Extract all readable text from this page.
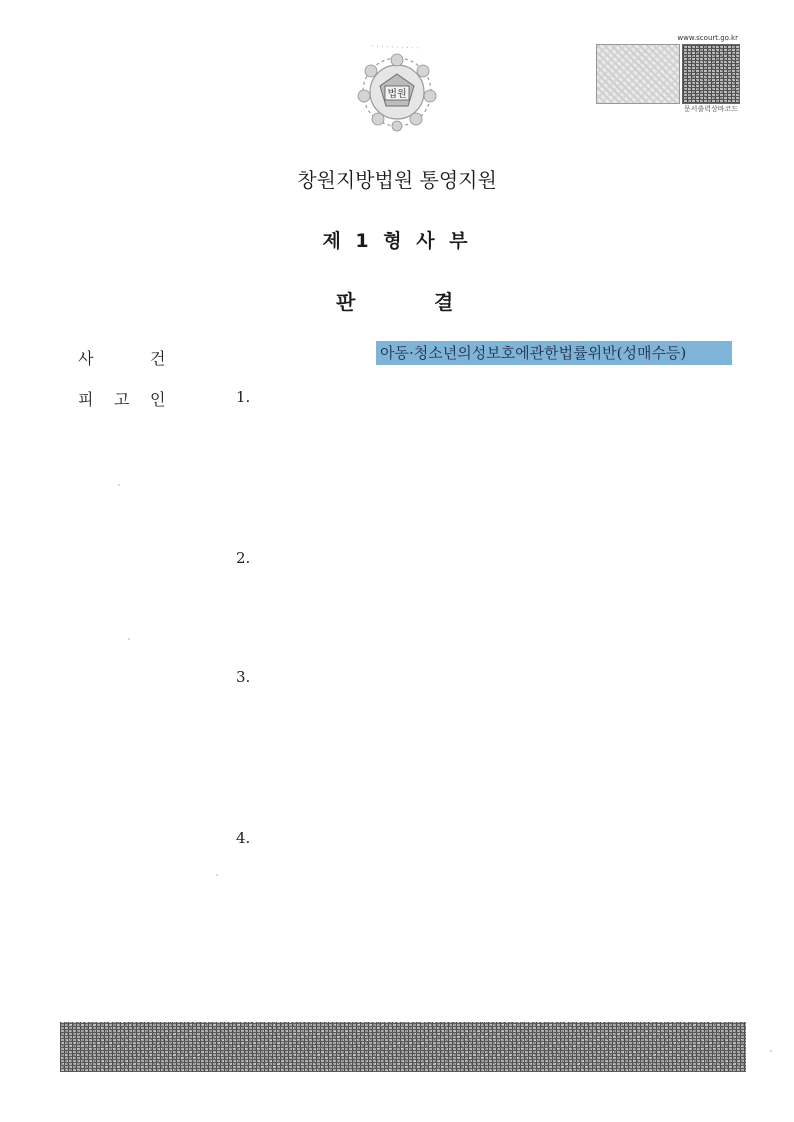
법원
www.scourt.go.kr
문서출력상바코드
창원지방법원 통영지원
제 1 형 사 부
판	결
사	건	아동·청소년의성보호에관한법률위반(성매수등)
피 고 인	1.
2.
3.
4.
